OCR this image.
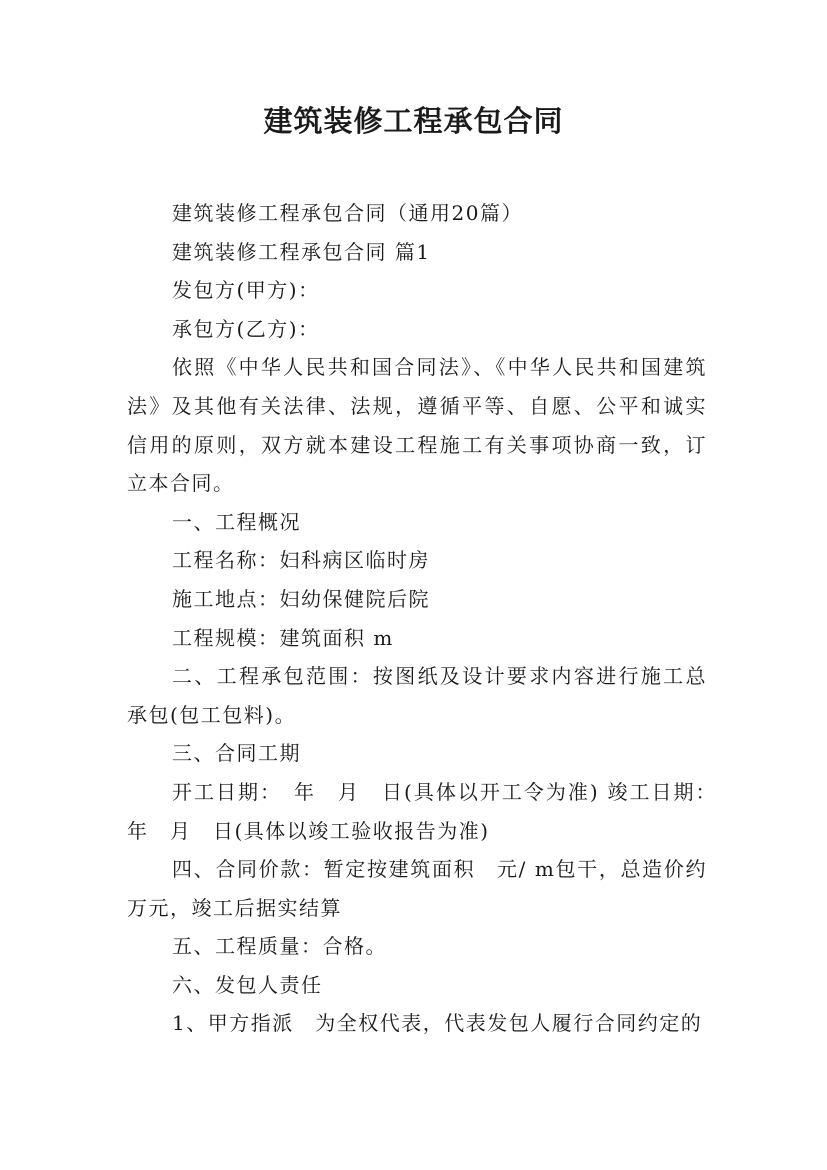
建筑装修工程承包合同

建筑装修工程承包合同（通用20篇）

建筑装修工程承包合同 篇1

发包方(甲方)：

承包方(乙方)：

依照《中华人民共和国合同法》、《中华人民共和国建筑法》及其他有关法律、法规，遵循平等、自愿、公平和诚实信用的原则，双方就本建设工程施工有关事项协商一致，订立本合同。

一、工程概况

工程名称：妇科病区临时房

施工地点：妇幼保健院后院

工程规模：建筑面积 m

二、工程承包范围：按图纸及设计要求内容进行施工总承包(包工包料)。

三、合同工期

开工日期：　年　月　日(具体以开工令为准) 竣工日期：　年　月　日(具体以竣工验收报告为准)

四、合同价款：暂定按建筑面积　元/ m包干，总造价约　万元，竣工后据实结算

五、工程质量：合格。

六、发包人责任

1、甲方指派　为全权代表，代表发包人履行合同约定的
